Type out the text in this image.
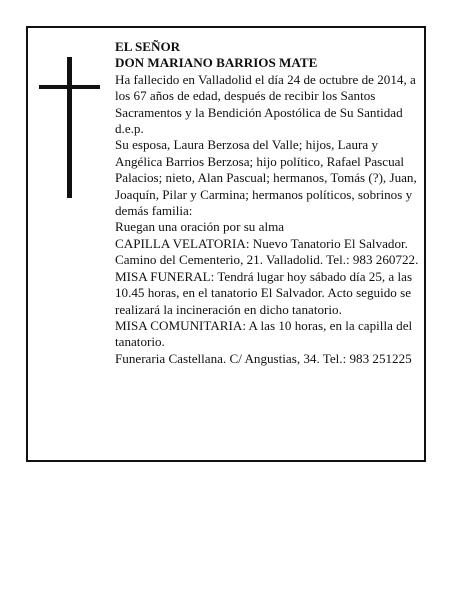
EL SEÑOR

DON MARIANO BARRIOS MATE

Ha fallecido en Valladolid el día 24 de octubre de 2014, a los 67 años de edad, después de recibir los Santos Sacramentos y la Bendición Apostólica de Su Santidad d.e.p.

Su esposa, Laura Berzosa del Valle; hijos, Laura y Angélica Barrios Berzosa; hijo político, Rafael Pascual Palacios; nieto, Alan Pascual; hermanos, Tomás (?), Juan, Joaquín, Pilar y Carmina; hermanos políticos, sobrinos y demás familia:

Ruegan una oración por su alma

CAPILLA VELATORIA: Nuevo Tanatorio El Salvador. Camino del Cementerio, 21. Valladolid. Tel.: 983 260722.

MISA FUNERAL: Tendrá lugar hoy sábado día 25, a las 10.45 horas, en el tanatorio El Salvador. Acto seguido se realizará la incineración en dicho tanatorio.

MISA COMUNITARIA: A las 10 horas, en la capilla del tanatorio.

Funeraria Castellana. C/ Angustias, 34. Tel.: 983 251225
